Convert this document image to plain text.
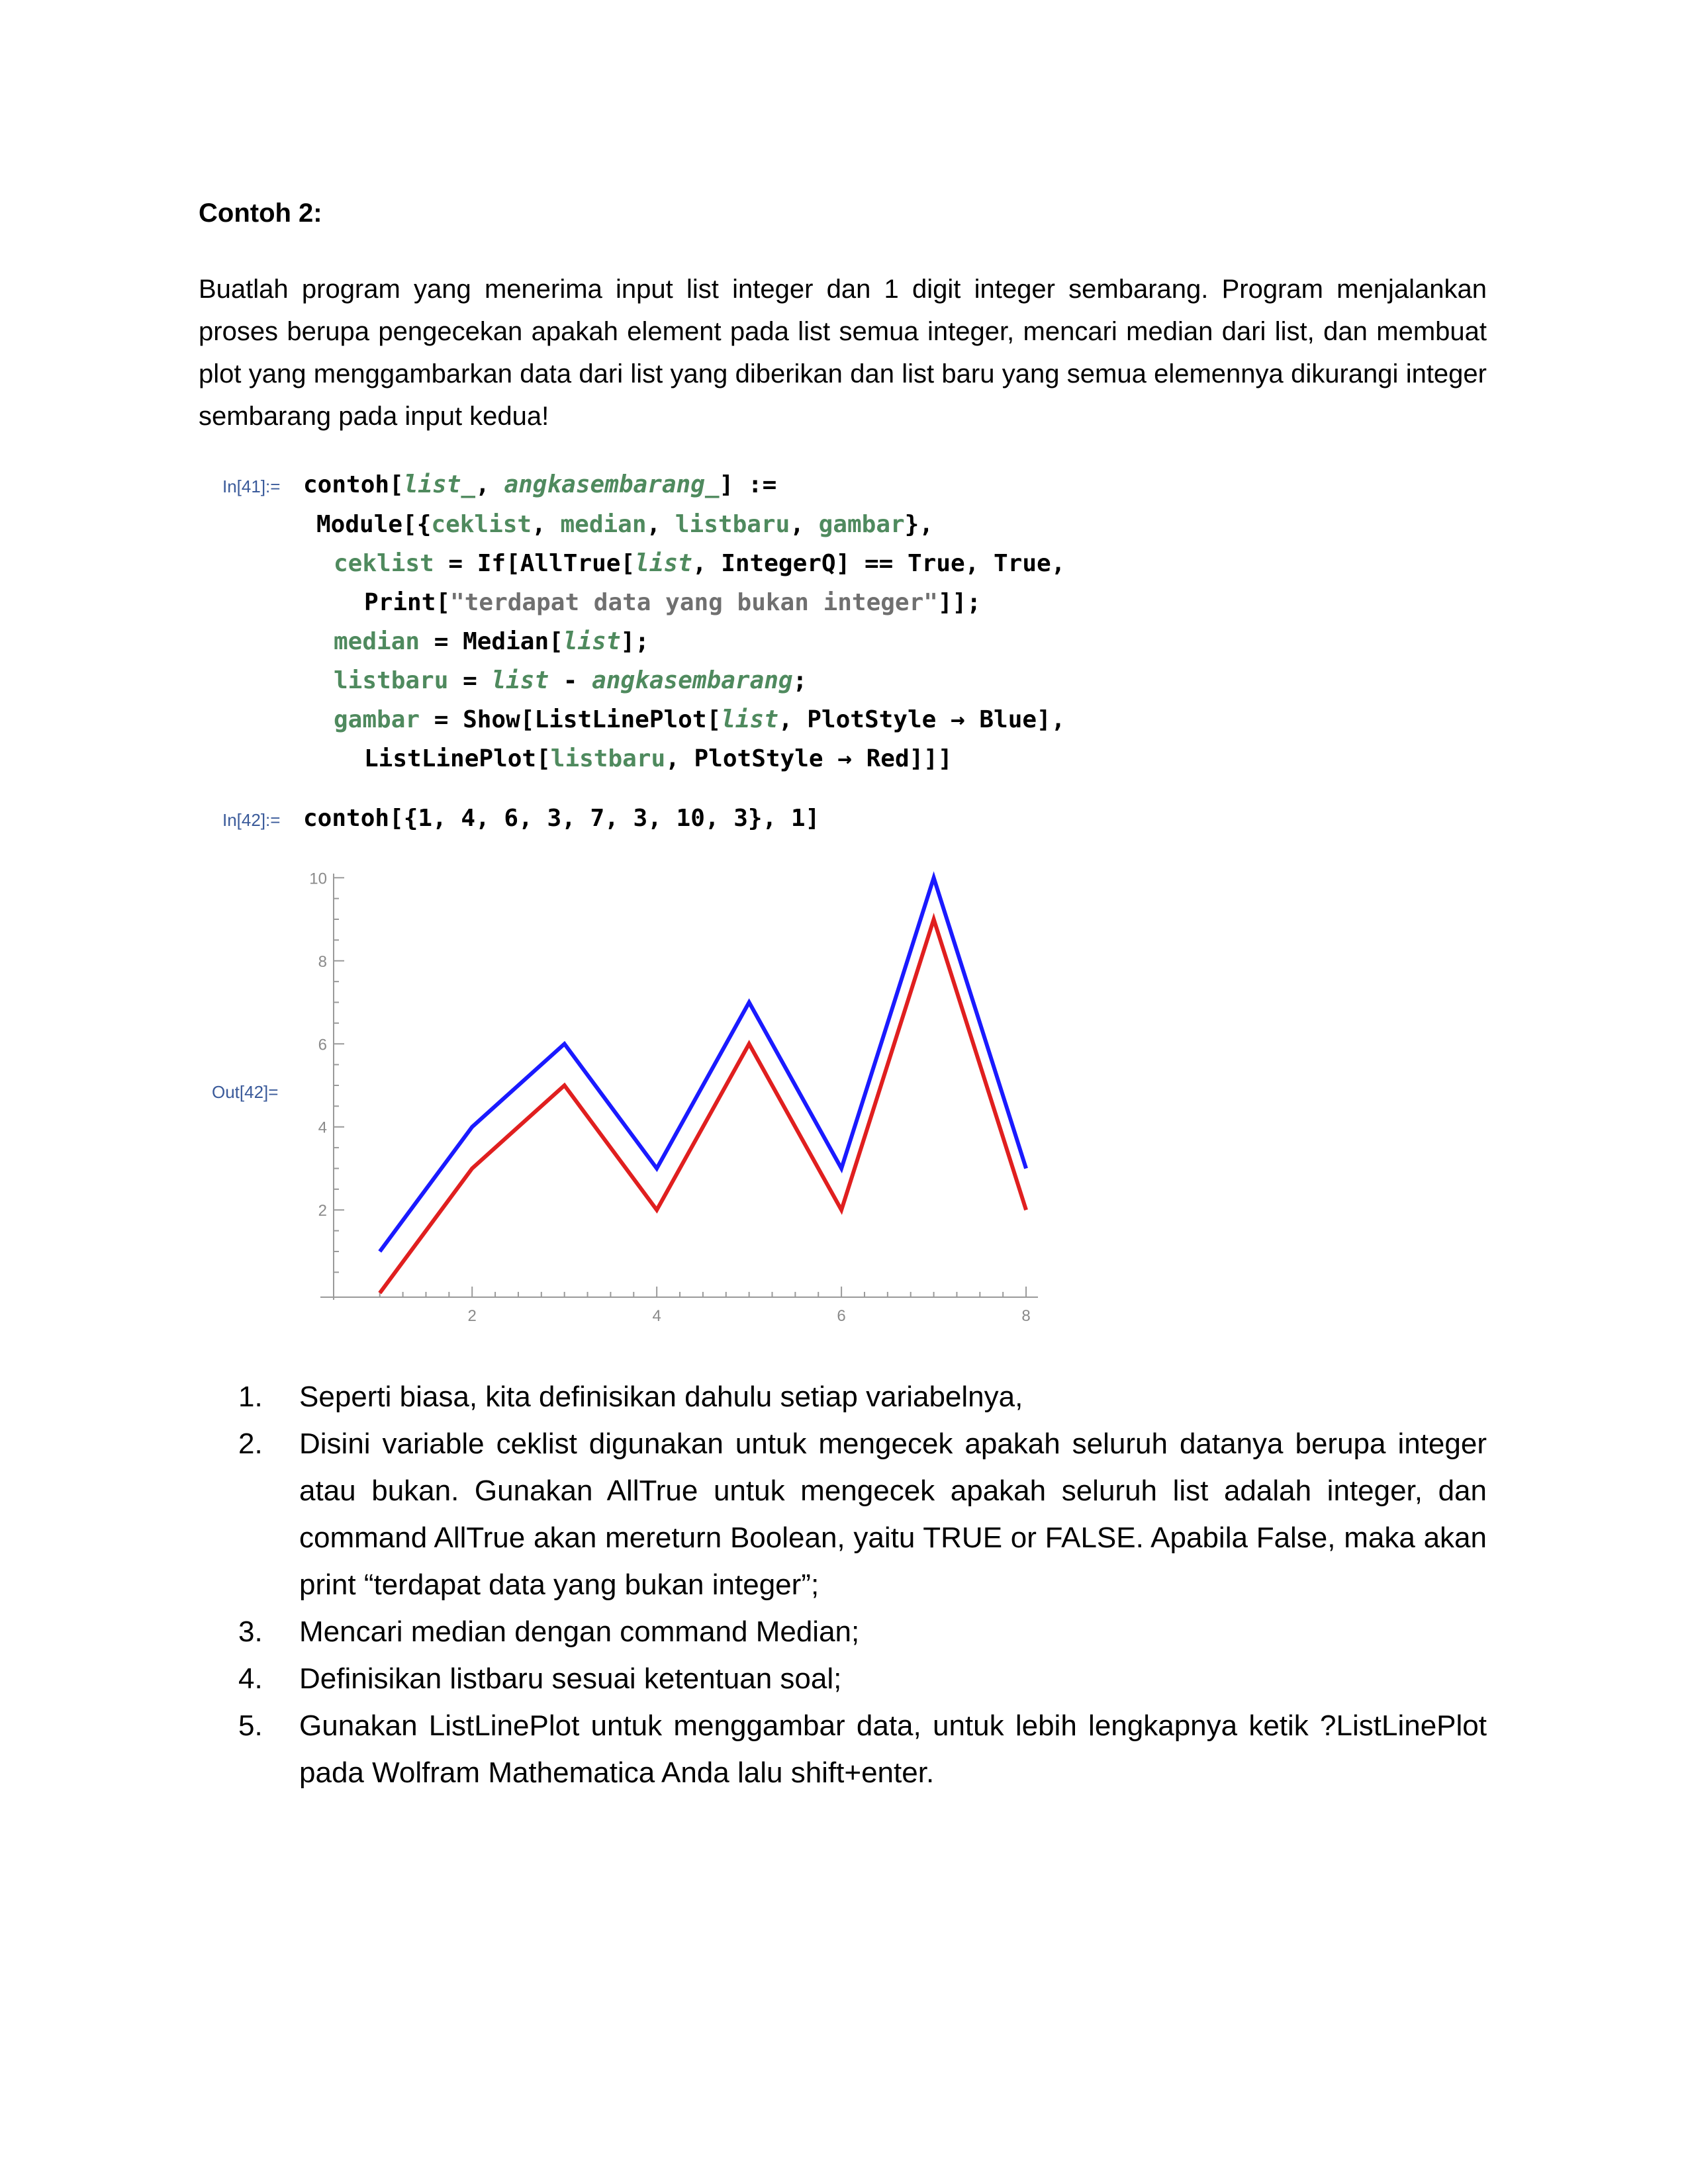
Contoh 2:

Buatlah program yang menerima input list integer dan 1 digit integer sembarang. Program menjalankan proses berupa pengecekan apakah element pada list semua integer, mencari median dari list, dan membuat plot yang menggambarkan data dari list yang diberikan dan list baru yang semua elemennya dikurangi integer sembarang pada input kedua!

In[41]:= contoh[list_, angkasembarang_] :=
Module[{ceklist, median, listbaru, gambar},
ceklist = If[AllTrue[list, IntegerQ] == True, True,
Print["terdapat data yang bukan integer"]];
median = Median[list];
listbaru = list - angkasembarang;
gambar = Show[ListLinePlot[list, PlotStyle → Blue],
ListLinePlot[listbaru, PlotStyle → Red]]]
In[42]:= contoh[{1, 4, 6, 3, 7, 3, 10, 3}, 1]
Out[42]=
2
4
6
8
10
2	4	6	8
1. Seperti biasa, kita definisikan dahulu setiap variabelnya,
2. Disini variable ceklist digunakan untuk mengecek apakah seluruh datanya berupa integer atau bukan. Gunakan AllTrue untuk mengecek apakah seluruh list adalah integer, dan command AllTrue akan mereturn Boolean, yaitu TRUE or FALSE. Apabila False, maka akan print “terdapat data yang bukan integer”;
3. Mencari median dengan command Median;
4. Definisikan listbaru sesuai ketentuan soal;
5. Gunakan ListLinePlot untuk menggambar data, untuk lebih lengkapnya ketik ?ListLinePlot pada Wolfram Mathematica Anda lalu shift+enter.
